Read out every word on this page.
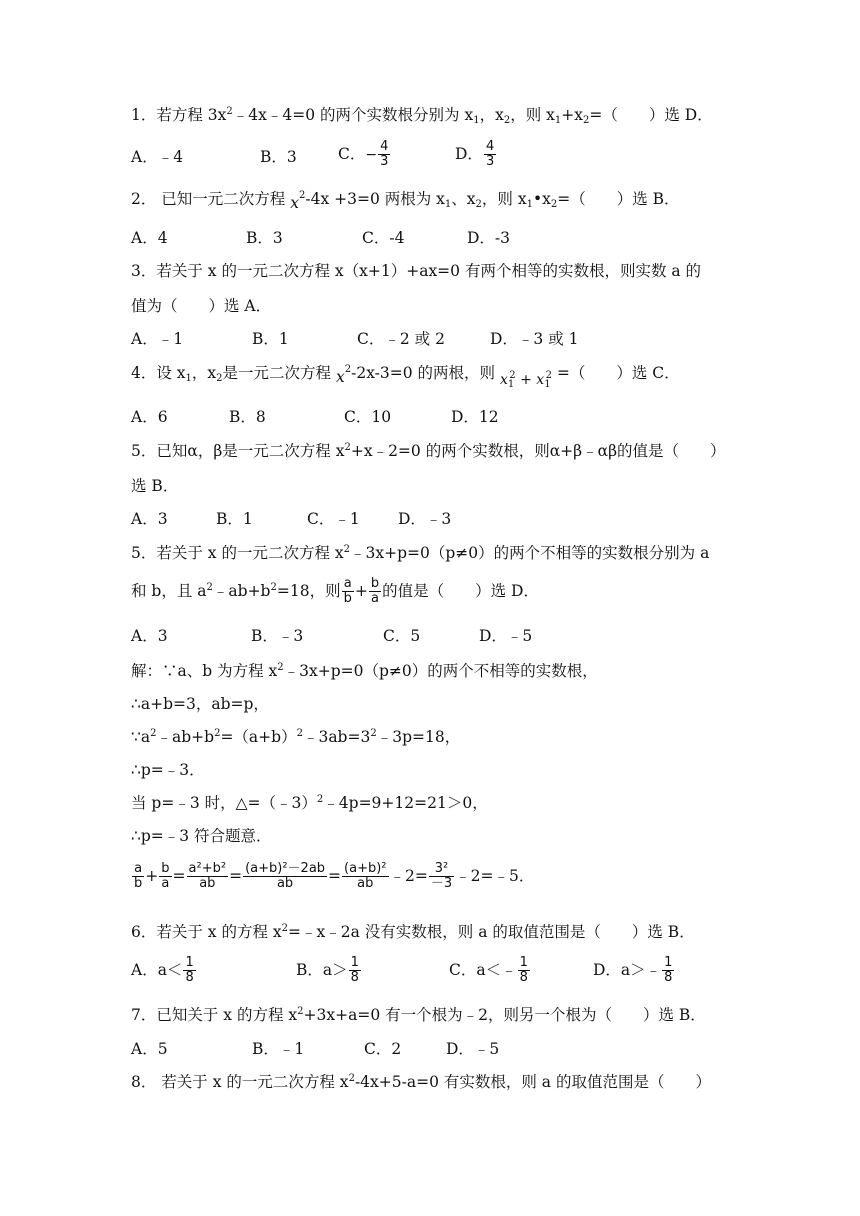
1．若方程 $3x^2﹣4x﹣4=0$ 的两个实数根分别为 $x_1$，$x_2$，则 $x_1+x_2=$（　　）选 D．
A．﹣4	B．3	C．− $\frac{4}{3}$	D． $\frac{4}{3}$
2． 已知一元二次方程 $x^2-4x +3=0$ 两根为 $x_1$、$x_2$，则 $x_1•x_2=$（　　）选 B．
A．4	B．3	C．-4	D．-3
3．若关于 x 的一元二次方程 x（x+1）+ax=0 有两个相等的实数根，则实数 a 的
值为（　　）选 A．
A．﹣1	B．1	C．﹣2 或 2	D．﹣3 或 1
4．设 $x_1$，$x_2$是一元二次方程 $x^2-2x-3=0$ 的两根，则 $x_1^2 + x_1^2$ =（　　）选 C．
A．6	B．8	C．10	D．12
5．已知α，β是一元二次方程 $x^2+x﹣2=0$ 的两个实数根，则α+β﹣αβ的值是（　　）
选 B．
A．3	B．1	C．﹣1 D．﹣3
5．若关于 x 的一元二次方程 $x^2﹣3x+p=0(p\ne 0)$的两个不相等的实数根分别为 a
和 b，且 $a^2﹣ab+b^2=18$，则 $\frac{a}{b} + \frac{b}{a}$ 的值是（　　）选 D．
A．3	B．﹣3	C．5	D．﹣5
解：∵a、b 为方程 $x^2﹣3x+p=0(p\ne 0)$的两个不相等的实数根，
∴a+b=3，ab=p，
$\because a^2﹣ab+b^2=(a+b)^2﹣3ab=3^2﹣3p=18$，
∴p=﹣3．
当 p=﹣3 时，△=（﹣3）$^2$﹣4p=9+12=21＞0，
∴p=﹣3 符合题意．
$\frac{a}{b} + \frac{b}{a} = \frac{\text{a²+b²}}{ab} = \frac{\text{(a+b)²－2ab}}{ab} = \frac{\text{(a+b)²}}{ab}$ ﹣2= $\frac{\text{3²}}{-3}$ ﹣2=﹣5．
6．若关于 x 的方程 $x^2=﹣x﹣2a$ 没有实数根，则 a 的取值范围是（　　）选 B．
A．$a< \frac{1}{8}$	B．$a> \frac{1}{8}$	C．a＜﹣ $\frac{1}{8}$	D．a＞﹣ $\frac{1}{8}$
7．已知关于 x 的方程 $x^2+3x+a=0$ 有一个根为﹣2，则另一个根为（　　）选 B．
A．5	B．﹣1	C．2	D．﹣5
8． 若关于 x 的一元二次方程 $x^2-4x+5-a=0$ 有实数根，则 a 的取值范围是（　　）
